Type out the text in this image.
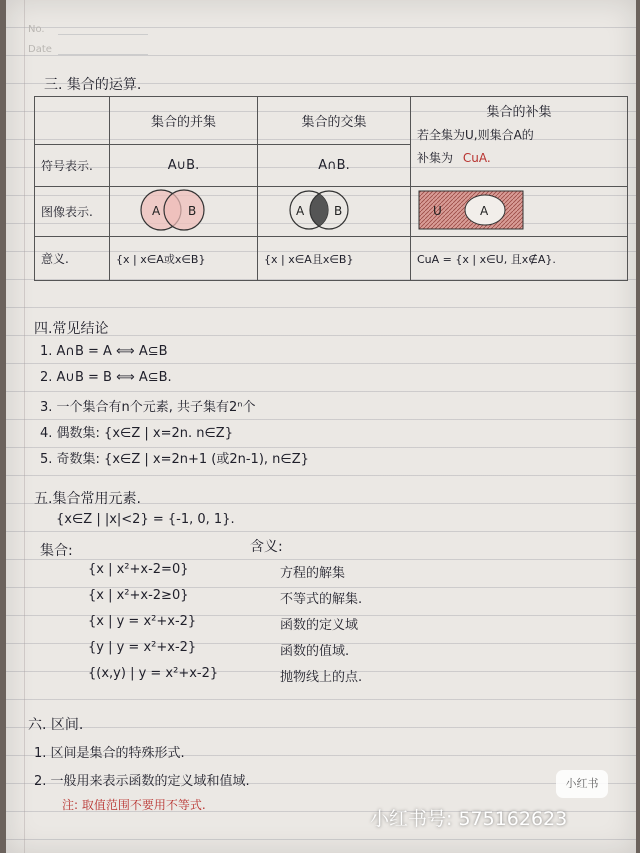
No.
Date
三. 集合的运算.
	集合的并集	集合的交集	集合的补集
若全集为U,则集合A的
补集为 CuA.

符号表示.	A∪B.	A∩B.	
图像表示.	A B	A B	U A

意义.	{x | x∈A或x∈B}	{x | x∈A且x∈B}	CuA = {x | x∈U, 且x∉A}.
四.常见结论
1. A∩B = A ⟺ A⊆B
2. A∪B = B ⟺ A⊆B.
3. 一个集合有n个元素, 共子集有2ⁿ个
4. 偶数集: {x∈Z | x=2n. n∈Z}
5. 奇数集: {x∈Z | x=2n+1 (或2n-1), n∈Z}
五.集合常用元素.
{x∈Z | |x|<2} = {-1, 0, 1}.
集合:	含义:
{x | x²+x-2=0}	方程的解集
{x | x²+x-2≥0}	不等式的解集.
{x | y = x²+x-2}	函数的定义域
{y | y = x²+x-2}	函数的值域.
{(x,y) | y = x²+x-2}	抛物线上的点.
六. 区间.
1. 区间是集合的特殊形式.
2. 一般用来表示函数的定义域和值域.
注: 取值范围不要用不等式.
小红书
小红书号: 575162623
